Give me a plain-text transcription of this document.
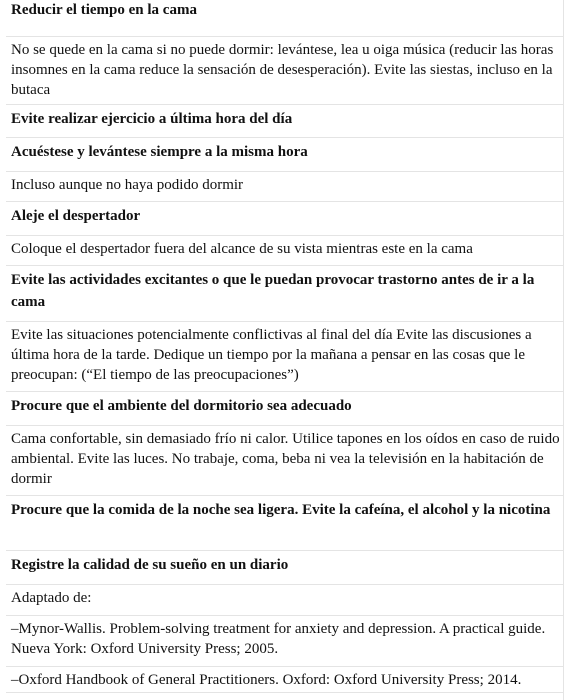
Reducir el tiempo en la cama
No se quede en la cama si no puede dormir: levántese, lea u oiga música (reducir las horas insomnes en la cama reduce la sensación de desesperación). Evite las siestas, incluso en la butaca
Evite realizar ejercicio a última hora del día
Acuéstese y levántese siempre a la misma hora
Incluso aunque no haya podido dormir
Aleje el despertador
Coloque el despertador fuera del alcance de su vista mientras este en la cama
Evite las actividades excitantes o que le puedan provocar trastorno antes de ir a la cama
Evite las situaciones potencialmente conflictivas al final del día Evite las discusiones a última hora de la tarde. Dedique un tiempo por la mañana a pensar en las cosas que le preocupan: (“El tiempo de las preocupaciones”)
Procure que el ambiente del dormitorio sea adecuado
Cama confortable, sin demasiado frío ni calor. Utilice tapones en los oídos en caso de ruido ambiental. Evite las luces. No trabaje, coma, beba ni vea la televisión en la habitación de dormir
Procure que la comida de la noche sea ligera. Evite la cafeína, el alcohol y la nicotina
Registre la calidad de su sueño en un diario
Adaptado de:
–Mynor-Wallis. Problem-solving treatment for anxiety and depression. A practical guide. Nueva York: Oxford University Press; 2005.
–Oxford Handbook of General Practitioners. Oxford: Oxford University Press; 2014.
